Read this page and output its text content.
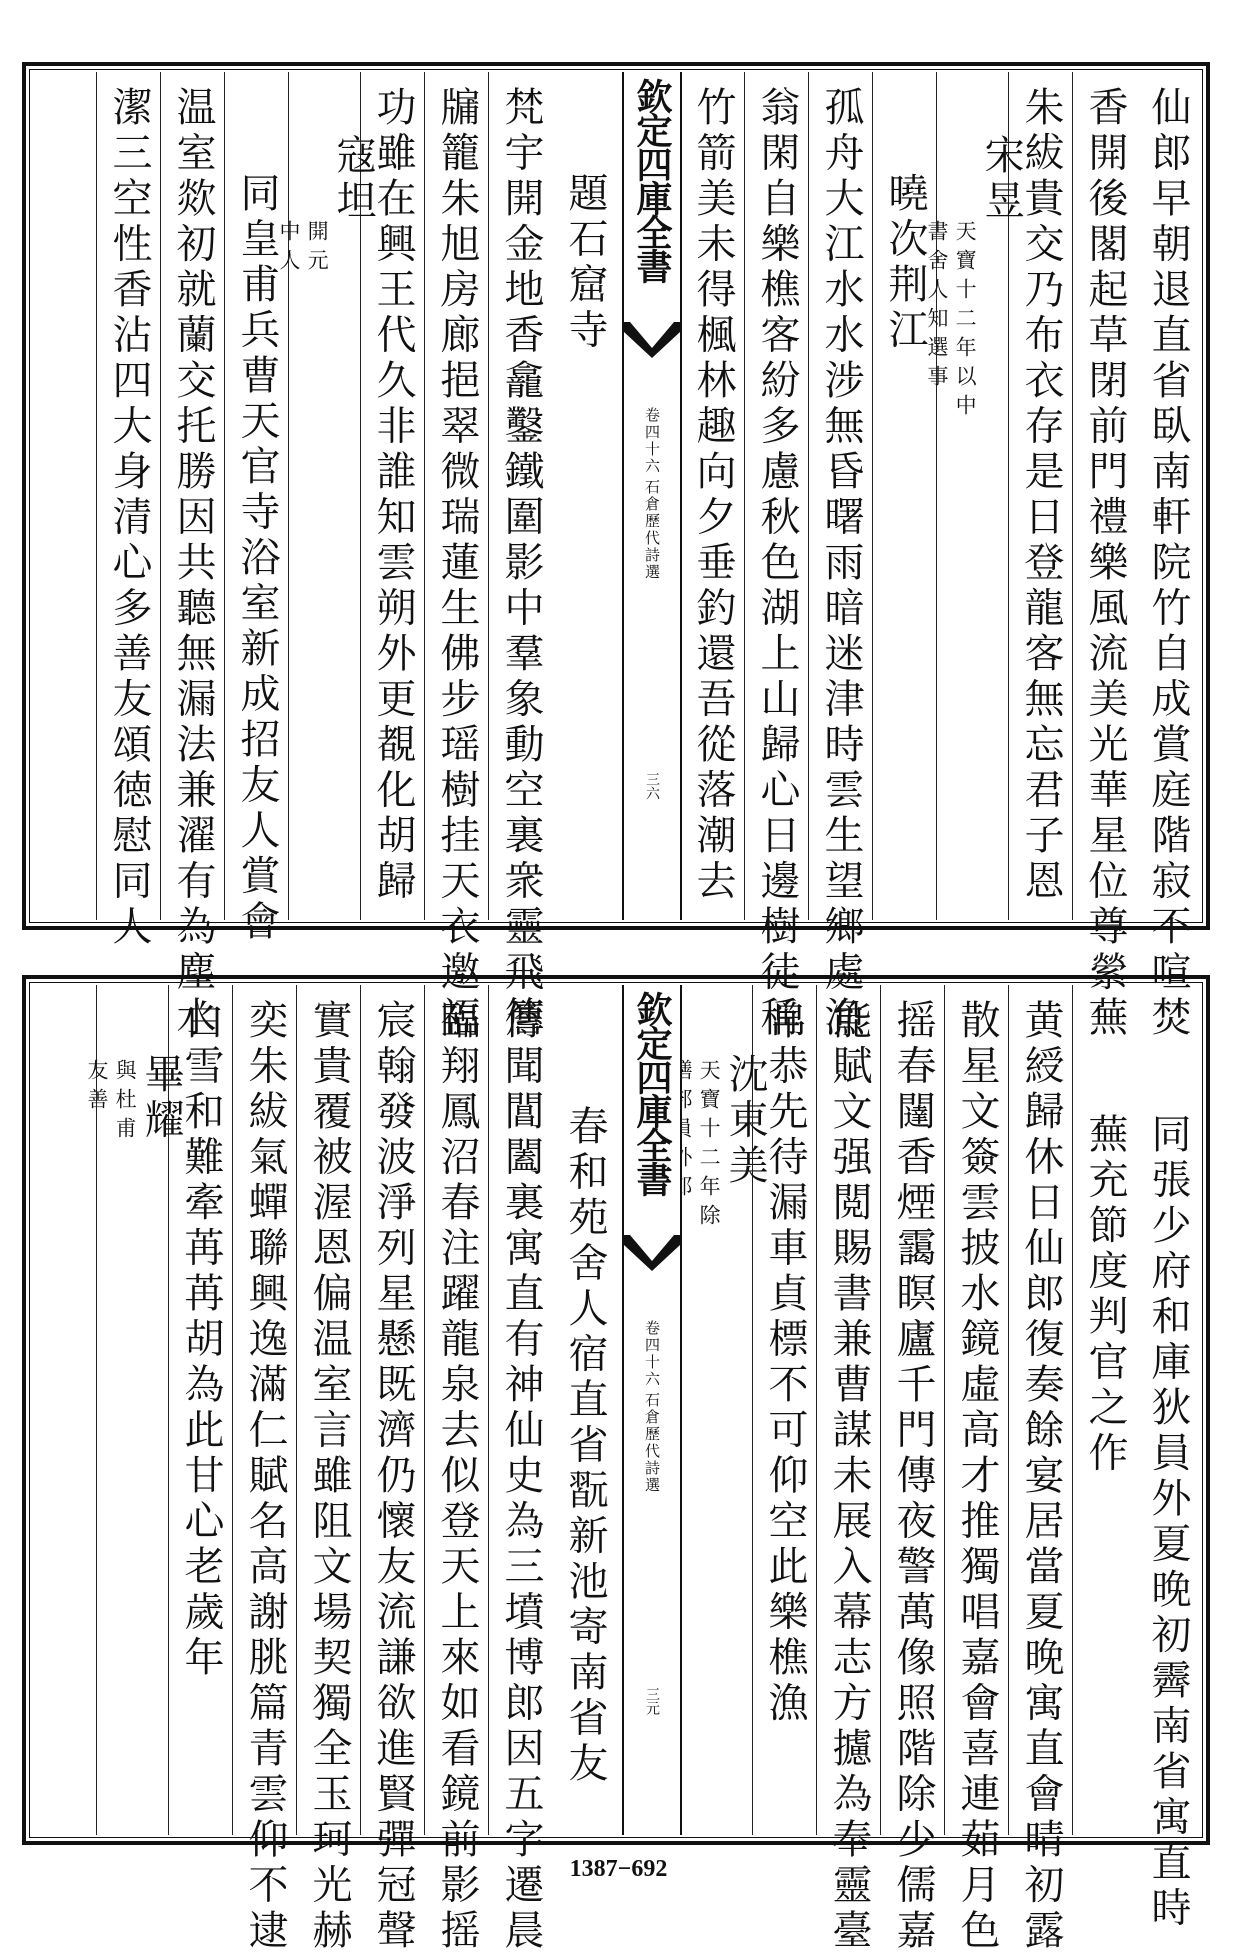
仙郎早朝退直省臥南軒院竹自成賞庭階寂不喧焚
香開後閣起草閉前門禮樂風流美光華星位尊縈蕪
朱紱貴交乃布衣存是日登龍客無忘君子恩
宋昱
天寶十二年以中
書舍人知選事
曉次荆江
孤舟大江水水涉無昏曙雨暗迷津時雲生望鄉處漁
翁閑自樂樵客紛多慮秋色湖上山歸心日邊樹徒稱
竹箭美未得楓林趣向夕垂釣還吾從落潮去
欽定四庫全書
石倉歷代詩選
卷四十六
三六
題石窟寺
梵宇開金地香龕鑿鐵圍影中羣象動空裏衆靈飛簷
牖籠朱旭房廊挹翠微瑞蓮生佛步瑶樹挂天衣邀福
功雖在興王代久非誰知雲朔外更覩化胡歸
寇坦
開元
中人
同皇甫兵曹天官寺浴室新成招友人賞會
温室欻初就蘭交托勝因共聽無漏法兼濯有為塵水
潔三空性香沾四大身清心多善友頌徳慰同人
同張少府和庫狄員外夏晚初霽南省寓直時
蕪充節度判官之作
黄綬歸休日仙郎復奏餘宴居當夏晚寓直會晴初露
散星文簽雲披水鏡虛高才推獨唱嘉會喜連茹月色
摇春闥香煙靄瞑廬千門傳夜警萬像照階除少儒嘉
能賦文强閲賜書兼曹謀未展入幕志方攄為奉靈臺
帛恭先待漏車貞標不可仰空此樂樵漁
沈東美
天寶十二年除
欽定四庫全書
石倉歷代詩選
卷四十六
三元
春和苑舍人宿直省翫新池寄南省友
傳聞閶闔裏寓直有神仙史為三墳博郎因五字遷晨
臨翔鳳沼春注躍龍泉去似登天上來如看鏡前影摇
宸翰發波淨列星懸既濟仍懷友流謙欲進賢彈冠聲
實貴覆被渥恩偏温室言雖阻文場契獨全玉珂光赫
奕朱紱氣蟬聯興逸滿仁賦名高謝朓篇青雲仰不逮
白雪和難牽苒苒胡為此甘心老歲年
畢耀
與杜甫
友善
1387−692
